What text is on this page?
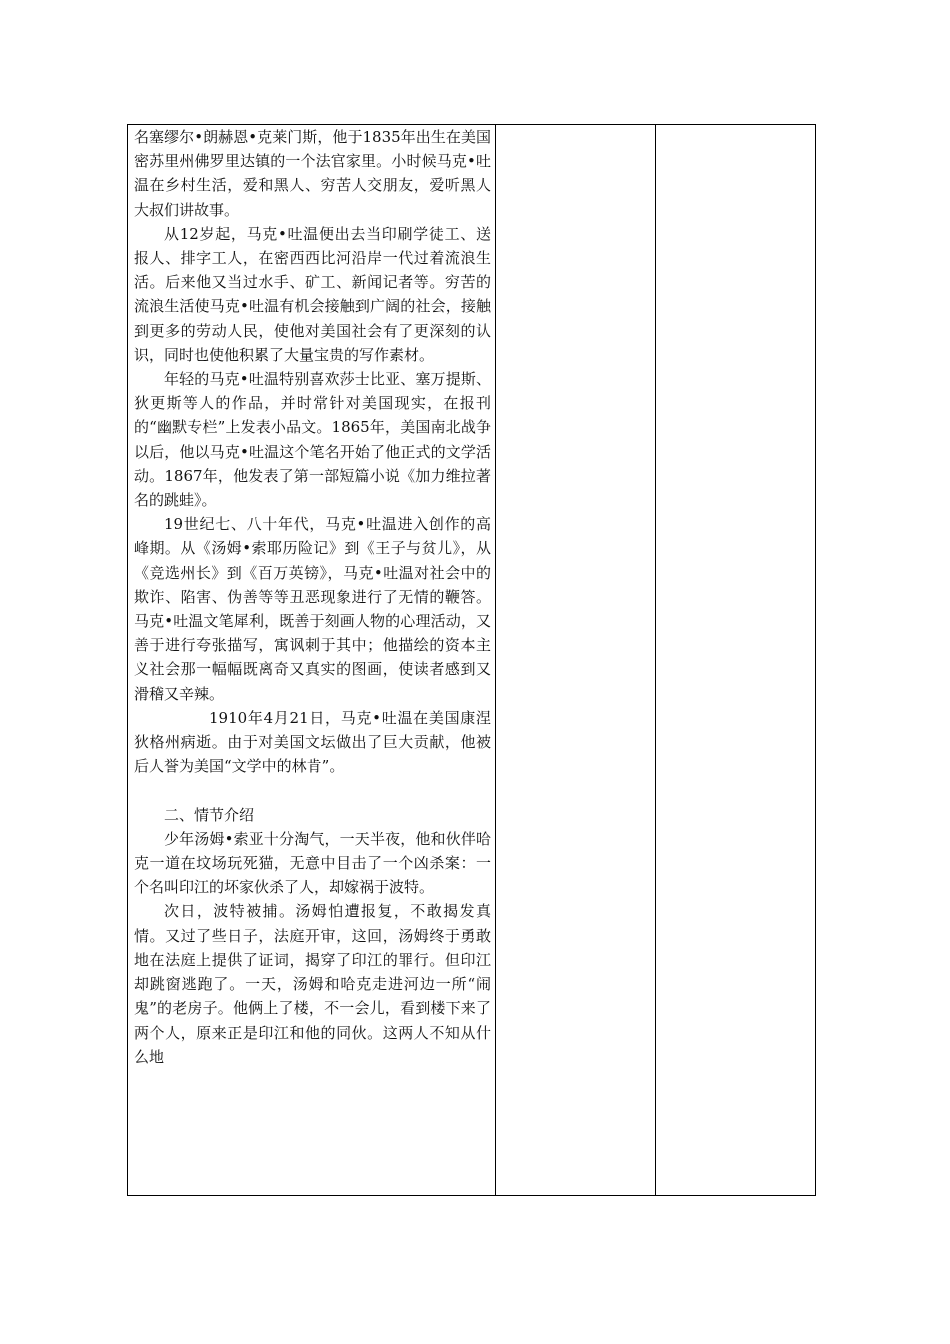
名塞缪尔•朗赫恩•克莱门斯，他于1835年出生在美国密苏里州佛罗里达镇的一个法官家里。小时候马克•吐温在乡村生活，爱和黑人、穷苦人交朋友，爱听黑人大叔们讲故事。

从12岁起，马克•吐温便出去当印刷学徒工、送报人、排字工人，在密西西比河沿岸一代过着流浪生活。后来他又当过水手、矿工、新闻记者等。穷苦的流浪生活使马克•吐温有机会接触到广阔的社会，接触到更多的劳动人民，使他对美国社会有了更深刻的认识，同时也使他积累了大量宝贵的写作素材。

年轻的马克•吐温特别喜欢莎士比亚、塞万提斯、狄更斯等人的作品，并时常针对美国现实，在报刊的“幽默专栏”上发表小品文。1865年，美国南北战争以后，他以马克•吐温这个笔名开始了他正式的文学活动。1867年，他发表了第一部短篇小说《加力维拉著名的跳蛙》。

19世纪七、八十年代，马克•吐温进入创作的高峰期。从《汤姆•索耶历险记》到《王子与贫儿》，从《竞选州长》到《百万英镑》，马克•吐温对社会中的欺诈、陷害、伪善等等丑恶现象进行了无情的鞭答。马克•吐温文笔犀利，既善于刻画人物的心理活动，又善于进行夸张描写，寓讽刺于其中；他描绘的资本主义社会那一幅幅既离奇又真实的图画，使读者感到又滑稽又辛辣。

1910年4月21日，马克•吐温在美国康涅狄格州病逝。由于对美国文坛做出了巨大贡献，他被后人誉为美国“文学中的林肯”。

二、情节介绍

少年汤姆•索亚十分淘气，一天半夜，他和伙伴哈克一道在坟场玩死猫，无意中目击了一个凶杀案：一个名叫印江的坏家伙杀了人，却嫁祸于波特。

次日，波特被捕。汤姆怕遭报复，不敢揭发真情。又过了些日子，法庭开审，这回，汤姆终于勇敢地在法庭上提供了证词，揭穿了印江的罪行。但印江却跳窗逃跑了。一天，汤姆和哈克走进河边一所“闹鬼”的老房子。他俩上了楼，不一会儿，看到楼下来了两个人，原来正是印江和他的同伙。这两人不知从什么地
